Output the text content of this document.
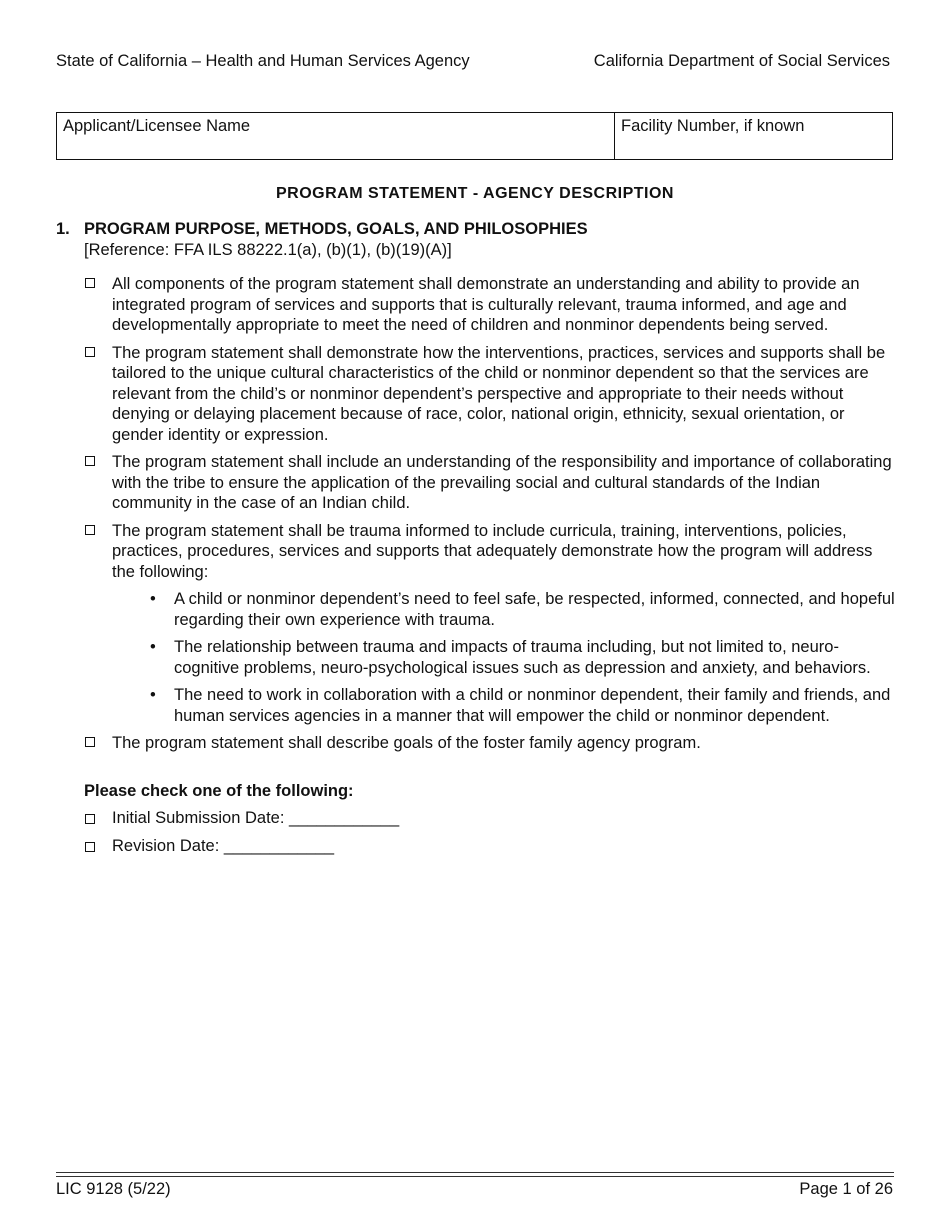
State of California – Health and Human Services Agency	California Department of Social Services
Applicant/Licensee Name	Facility Number, if known
PROGRAM STATEMENT - AGENCY DESCRIPTION
1. PROGRAM PURPOSE, METHODS, GOALS, AND PHILOSOPHIES
[Reference: FFA ILS 88222.1(a), (b)(1), (b)(19)(A)]
All components of the program statement shall demonstrate an understanding and ability to provide an integrated program of services and supports that is culturally relevant, trauma informed, and age and developmentally appropriate to meet the need of children and nonminor dependents being served.
The program statement shall demonstrate how the interventions, practices, services and supports shall be tailored to the unique cultural characteristics of the child or nonminor dependent so that the services are relevant from the child’s or nonminor dependent’s perspective and appropriate to their needs without denying or delaying placement because of race, color, national origin, ethnicity, sexual orientation, or gender identity or expression.
The program statement shall include an understanding of the responsibility and importance of collaborating with the tribe to ensure the application of the prevailing social and cultural standards of the Indian community in the case of an Indian child.
The program statement shall be trauma informed to include curricula, training, interventions, policies, practices, procedures, services and supports that adequately demonstrate how the program will address the following:
• A child or nonminor dependent’s need to feel safe, be respected, informed, connected, and hopeful regarding their own experience with trauma.
• The relationship between trauma and impacts of trauma including, but not limited to, neuro-cognitive problems, neuro-psychological issues such as depression and anxiety, and behaviors.
• The need to work in collaboration with a child or nonminor dependent, their family and friends, and human services agencies in a manner that will empower the child or nonminor dependent.
The program statement shall describe goals of the foster family agency program.
Please check one of the following:
Initial Submission Date: ____________
Revision Date: ____________
LIC 9128 (5/22)	Page 1 of 26
